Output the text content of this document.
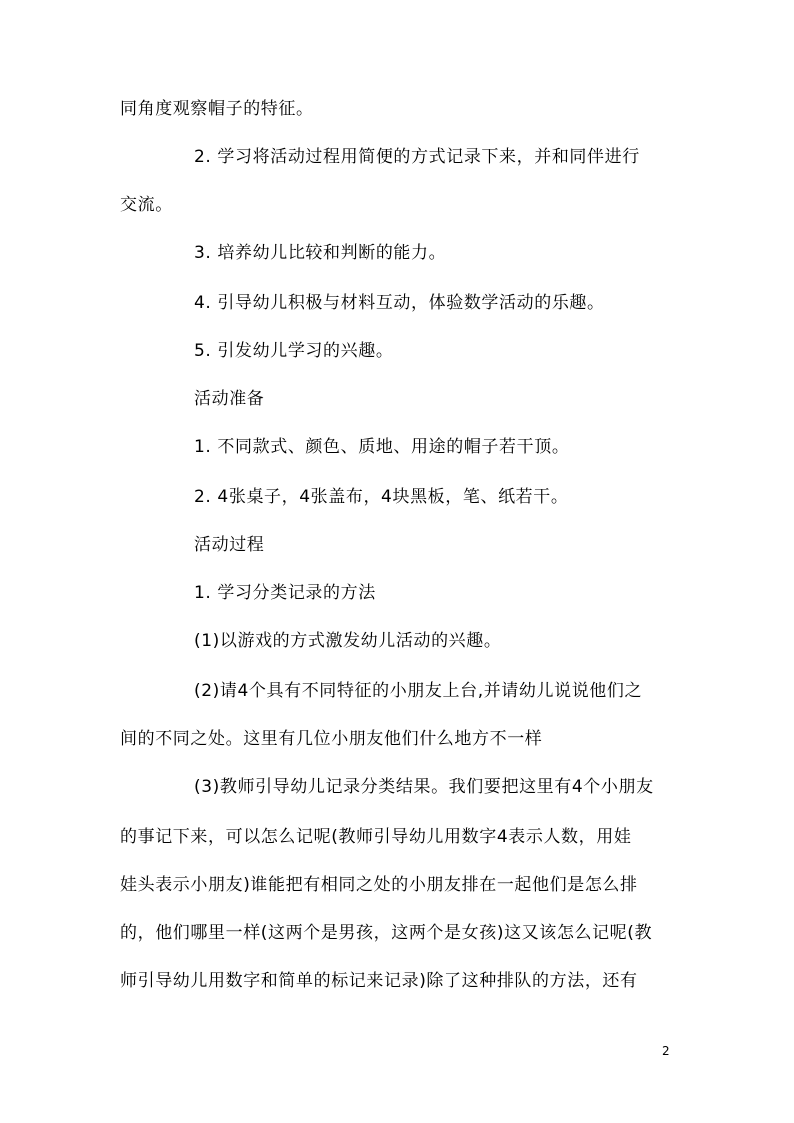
同角度观察帽子的特征。
2. 学习将活动过程用简便的方式记录下来，并和同伴进行
交流。
3. 培养幼儿比较和判断的能力。
4. 引导幼儿积极与材料互动，体验数学活动的乐趣。
5. 引发幼儿学习的兴趣。
活动准备
1. 不同款式、颜色、质地、用途的帽子若干顶。
2. 4张桌子，4张盖布，4块黑板，笔、纸若干。
活动过程
1. 学习分类记录的方法
(1)以游戏的方式激发幼儿活动的兴趣。
(2)请4个具有不同特征的小朋友上台,并请幼儿说说他们之
间的不同之处。这里有几位小朋友他们什么地方不一样
(3)教师引导幼儿记录分类结果。我们要把这里有4个小朋友
的事记下来，可以怎么记呢(教师引导幼儿用数字4表示人数，用娃
娃头表示小朋友)谁能把有相同之处的小朋友排在一起他们是怎么排
的，他们哪里一样(这两个是男孩，这两个是女孩)这又该怎么记呢(教
师引导幼儿用数字和简单的标记来记录)除了这种排队的方法，还有
2
